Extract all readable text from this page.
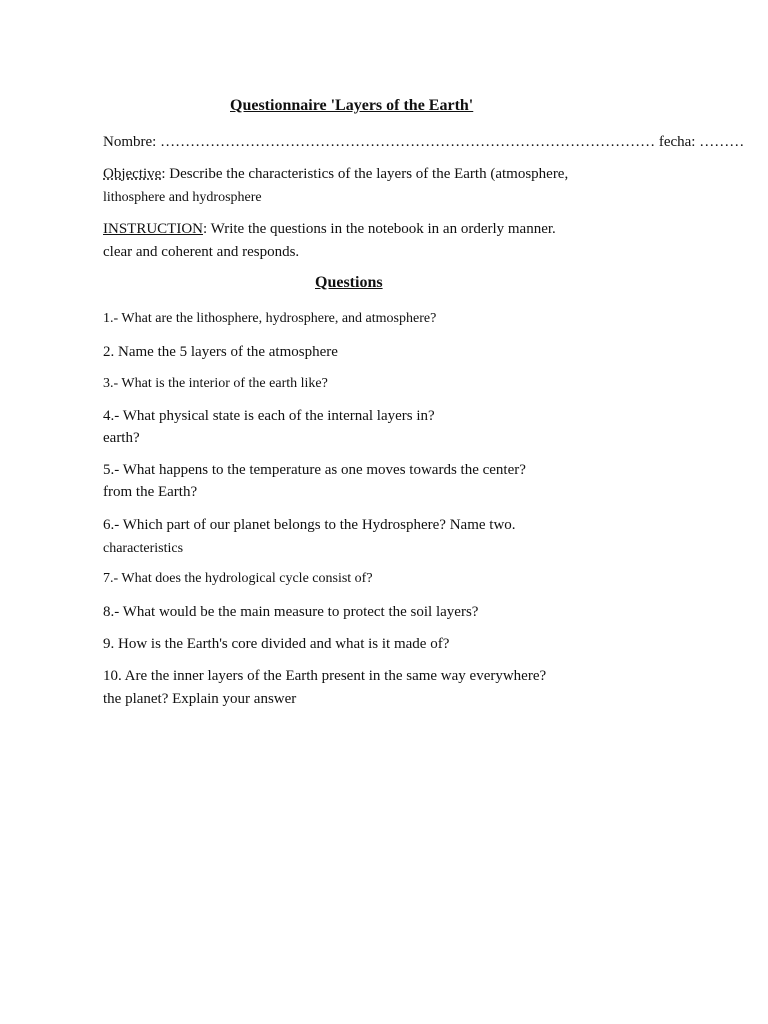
Questionnaire 'Layers of the Earth'
Nombre: ……………………………………………………………………………………… fecha: ………
Objective: Describe the characteristics of the layers of the Earth (atmosphere,
lithosphere and hydrosphere
INSTRUCTION: Write the questions in the notebook in an orderly manner.
clear and coherent and responds.
Questions
1.- What are the lithosphere, hydrosphere, and atmosphere?
2. Name the 5 layers of the atmosphere
3.- What is the interior of the earth like?
4.- What physical state is each of the internal layers in?
earth?
5.- What happens to the temperature as one moves towards the center?
from the Earth?
6.- Which part of our planet belongs to the Hydrosphere? Name two.
characteristics
7.- What does the hydrological cycle consist of?
8.- What would be the main measure to protect the soil layers?
9. How is the Earth's core divided and what is it made of?
10. Are the inner layers of the Earth present in the same way everywhere?
the planet? Explain your answer
